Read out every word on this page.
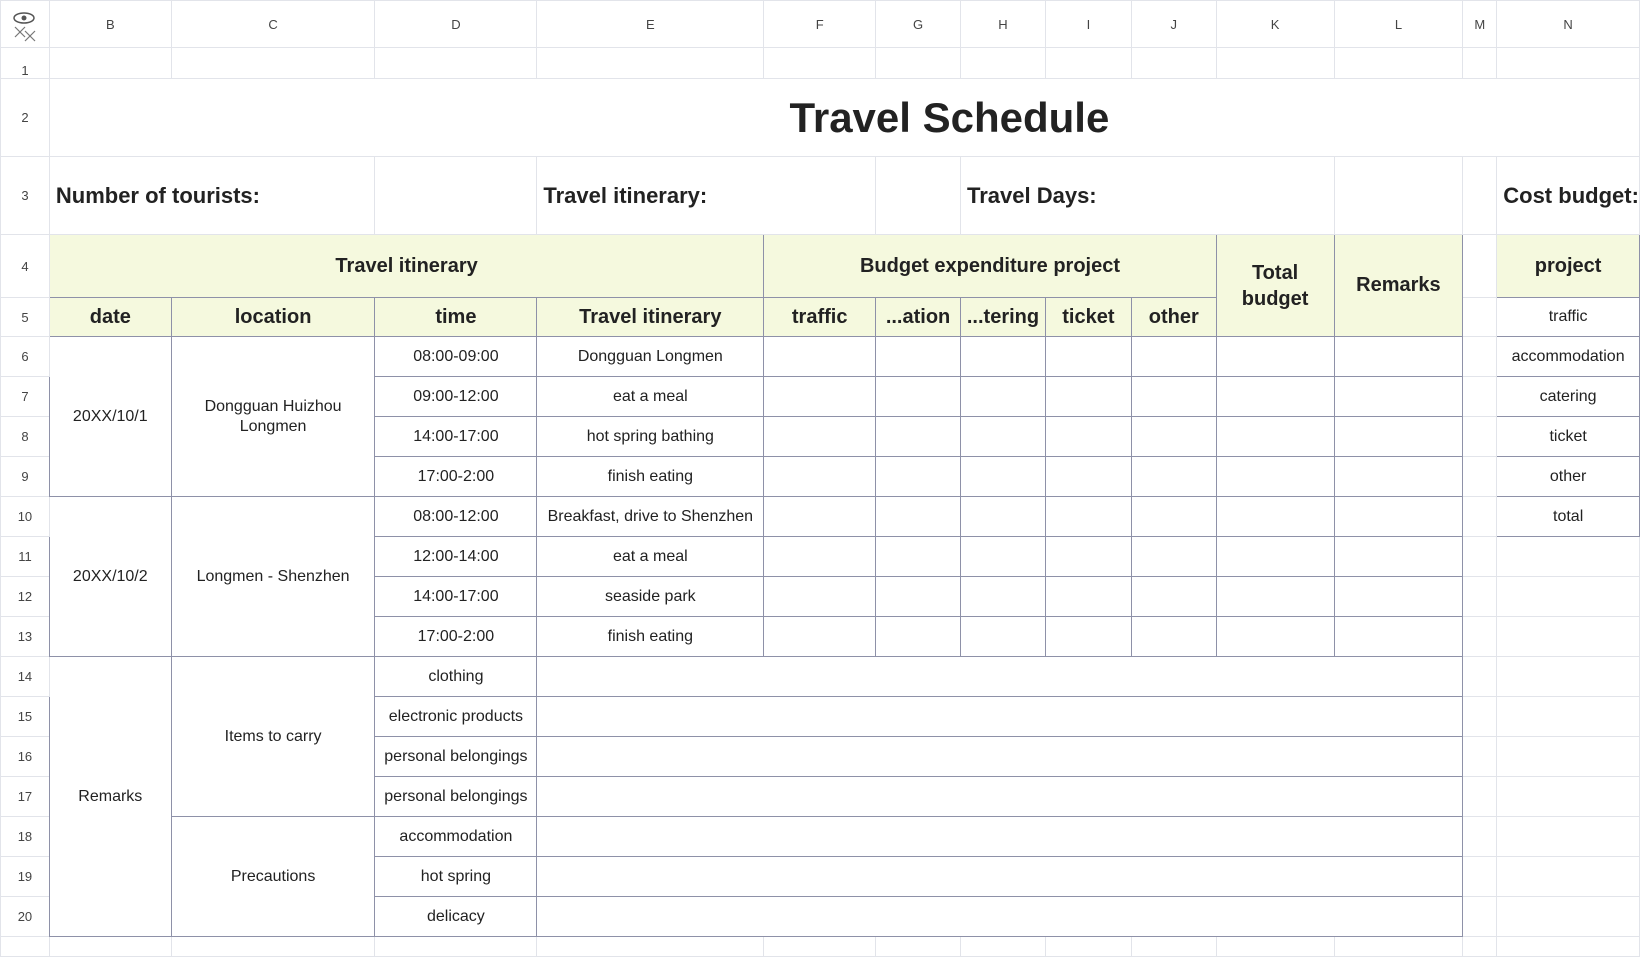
	B	C	D	E	F	G	H	I	J	K	L	M	N
1													
2	Travel Schedule												
3	Number of tourists:			Travel itinerary:			Travel Days:						Cost budget:
4	Travel itinerary				Budget expenditure project					Total budget	Remarks		project
5	date	location	time	Travel itinerary	traffic	...ation	...tering	ticket	other				traffic
6	20XX/10/1	Dongguan Huizhou Longmen	08:00-09:00	Dongguan Longmen									accommodation
7			09:00-12:00	eat a meal									catering
8			14:00-17:00	hot spring bathing									ticket
9			17:00-2:00	finish eating									other
10	20XX/10/2	Longmen - Shenzhen	08:00-12:00	Breakfast, drive to Shenzhen									total
11			12:00-14:00	eat a meal									
12			14:00-17:00	seaside park									
13			17:00-2:00	finish eating									
14	Remarks	Items to carry	clothing										
15			electronic products										
16			personal belongings										
17			personal belongings										
18		Precautions	accommodation										
19			hot spring										
20			delicacy										
